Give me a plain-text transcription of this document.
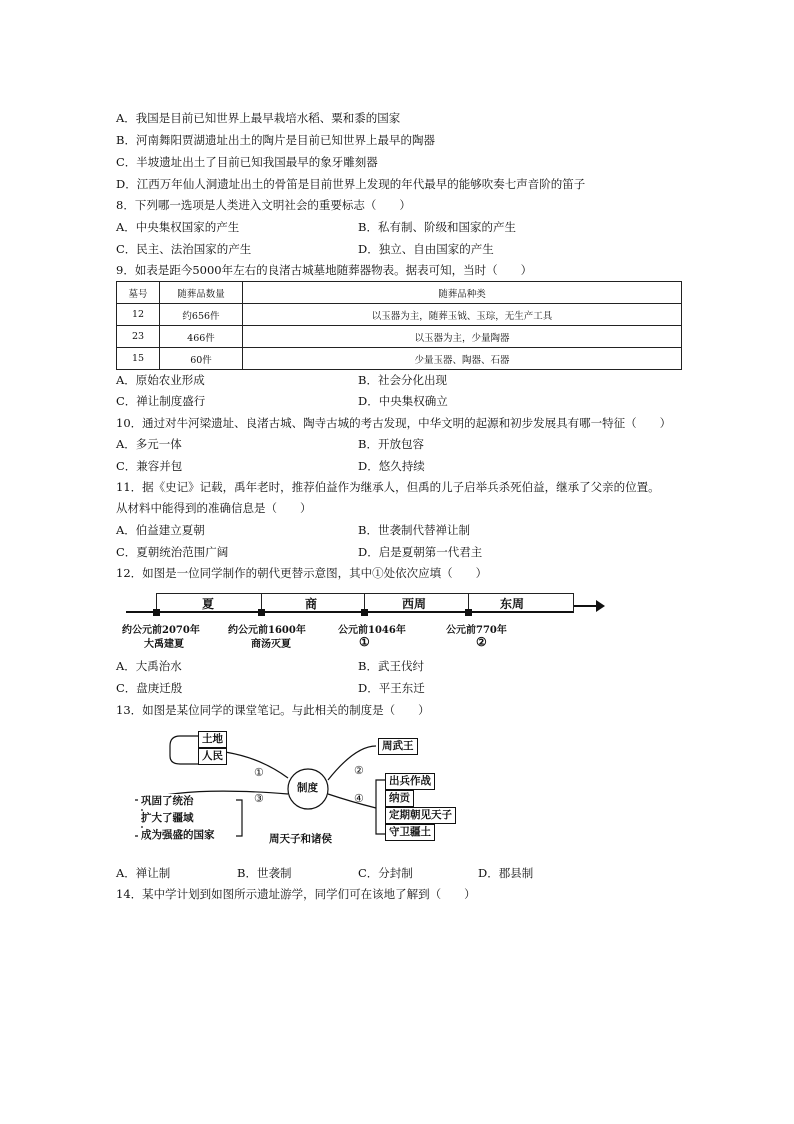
A．我国是目前已知世界上最早栽培水稻、粟和黍的国家
B．河南舞阳贾湖遗址出土的陶片是目前已知世界上最早的陶器
C．半坡遗址出土了目前已知我国最早的象牙雕刻器
D．江西万年仙人洞遗址出土的骨笛是目前世界上发现的年代最早的能够吹奏七声音阶的笛子
8．下列哪一选项是人类进入文明社会的重要标志（　　）
A．中央集权国家的产生	B．私有制、阶级和国家的产生
C．民主、法治国家的产生	D．独立、自由国家的产生
9．如表是距今5000年左右的良渚古城墓地随葬器物表。据表可知，当时（　　）
墓号	随葬品数量	随葬品种类
12	约656件	以玉器为主，随葬玉钺、玉琮，无生产工具
23	466件	以玉器为主，少量陶器
15	60件	少量玉器、陶器、石器
A．原始农业形成	B．社会分化出现
C．禅让制度盛行	D．中央集权确立
10．通过对牛河梁遗址、良渚古城、陶寺古城的考古发现，中华文明的起源和初步发展具有哪一特征（　　）
A．多元一体	B．开放包容
C．兼容并包	D．悠久持续
11．据《史记》记载，禹年老时，推荐伯益作为继承人，但禹的儿子启举兵杀死伯益，继承了父亲的位置。
从材料中能得到的准确信息是（　　）
A．伯益建立夏朝	B．世袭制代替禅让制
C．夏朝统治范围广阔	D．启是夏朝第一代君主
12．如图是一位同学制作的朝代更替示意图，其中①处依次应填（　　）
夏	商	西周	东周
约公元前2070年	约公元前1600年	公元前1046年	公元前770年
大禹建夏	商汤灭夏	①	②
A．大禹治水	B．武王伐纣
C．盘庚迁殷	D．平王东迁
13．如图是某位同学的课堂笔记。与此相关的制度是（　　）
土地
人民
巩固了统治
扩大了疆域
成为强盛的国家
制度
周武王
出兵作战
纳贡
定期朝见天子
守卫疆土
①	②
③	④
周天子和诸侯
A．禅让制	B．世袭制	C．分封制	D．郡县制
14．某中学计划到如图所示遗址游学，同学们可在该地了解到（　　）
